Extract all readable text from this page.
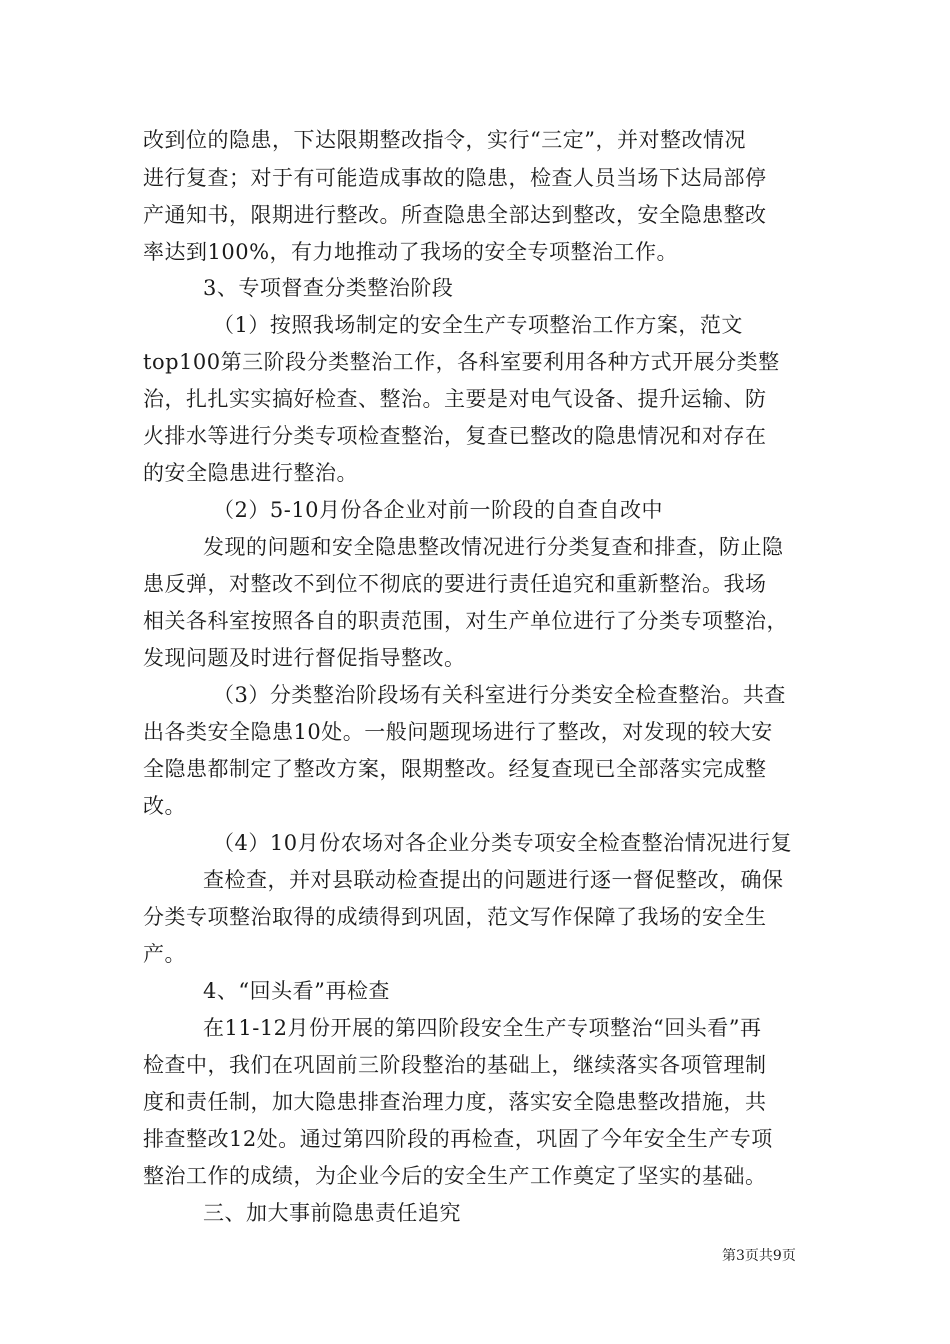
改到位的隐患，下达限期整改指令，实行“三定”，并对整改情况
进行复查；对于有可能造成事故的隐患，检查人员当场下达局部停
产通知书，限期进行整改。所查隐患全部达到整改，安全隐患整改
率达到100%，有力地推动了我场的安全专项整治工作。
3、专项督查分类整治阶段
（1）按照我场制定的安全生产专项整治工作方案，范文
top100第三阶段分类整治工作，各科室要利用各种方式开展分类整
治，扎扎实实搞好检查、整治。主要是对电气设备、提升运输、防
火排水等进行分类专项检查整治，复查已整改的隐患情况和对存在
的安全隐患进行整治。
（2）5-10月份各企业对前一阶段的自查自改中
发现的问题和安全隐患整改情况进行分类复查和排查，防止隐
患反弹，对整改不到位不彻底的要进行责任追究和重新整治。我场
相关各科室按照各自的职责范围，对生产单位进行了分类专项整治，
发现问题及时进行督促指导整改。
（3）分类整治阶段场有关科室进行分类安全检查整治。共查
出各类安全隐患10处。一般问题现场进行了整改，对发现的较大安
全隐患都制定了整改方案，限期整改。经复查现已全部落实完成整
改。
（4）10月份农场对各企业分类专项安全检查整治情况进行复
查检查，并对县联动检查提出的问题进行逐一督促整改，确保
分类专项整治取得的成绩得到巩固，范文写作保障了我场的安全生
产。
4、“回头看”再检查
在11-12月份开展的第四阶段安全生产专项整治“回头看”再
检查中，我们在巩固前三阶段整治的基础上，继续落实各项管理制
度和责任制，加大隐患排查治理力度，落实安全隐患整改措施，共
排查整改12处。通过第四阶段的再检查，巩固了今年安全生产专项
整治工作的成绩，为企业今后的安全生产工作奠定了坚实的基础。
三、加大事前隐患责任追究
第3页共9页
